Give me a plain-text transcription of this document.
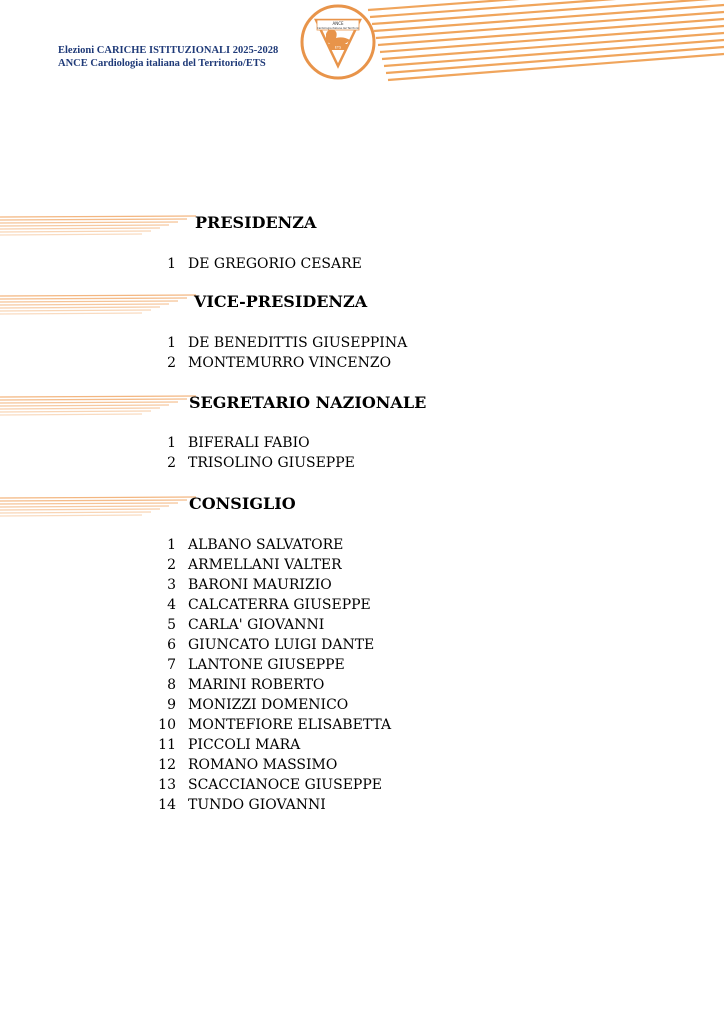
Elezioni CARICHE ISTITUZIONALI 2025-2028
ANCE Cardiologia italiana del Territorio/ETS
ANCE
Cardiologia italiana del Territorio
ETS
PRESIDENZA
1 DE GREGORIO CESARE
VICE-PRESIDENZA
1 DE BENEDITTIS GIUSEPPINA
2 MONTEMURRO VINCENZO
SEGRETARIO NAZIONALE
1 BIFERALI FABIO
2 TRISOLINO GIUSEPPE
CONSIGLIO
1 ALBANO SALVATORE
2 ARMELLANI VALTER
3 BARONI MAURIZIO
4 CALCATERRA GIUSEPPE
5 CARLA' GIOVANNI
6 GIUNCATO LUIGI DANTE
7 LANTONE GIUSEPPE
8 MARINI ROBERTO
9 MONIZZI DOMENICO
10 MONTEFIORE ELISABETTA
11 PICCOLI MARA
12 ROMANO MASSIMO
13 SCACCIANOCE GIUSEPPE
14 TUNDO GIOVANNI
